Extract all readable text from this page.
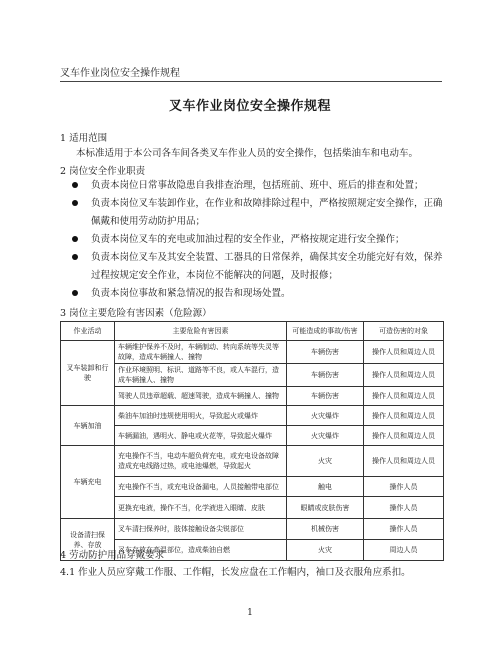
叉车作业岗位安全操作规程
叉车作业岗位安全操作规程
1 适用范围
本标准适用于本公司各车间各类叉车作业人员的安全操作，包括柴油车和电动车。
2 岗位安全作业职责
负责本岗位日常事故隐患自我排查治理，包括班前、班中、班后的排查和处置；
负责本岗位叉车装卸作业，在作业和故障排除过程中，严格按照规定安全操作，正确佩戴和使用劳动防护用品；
负责本岗位叉车的充电或加油过程的安全作业，严格按规定进行安全操作；
负责本岗位叉车及其安全装置、工器具的日常保养，确保其安全功能完好有效，保养过程按规定安全作业，本岗位不能解决的问题，及时报修；
负责本岗位事故和紧急情况的报告和现场处置。
3 岗位主要危险有害因素（危险源）
作业活动	主要危险有害因素	可能造成的事故/伤害	可造伤害的对象
叉车装卸和行驶	车辆维护保养不及时，车辆制动、转向系统等失灵等故障，造成车辆撞人、撞物	车辆伤害	操作人员和周边人员
	作业环境照明、标识、道路等不良，或人车混行，造成车辆撞人、撞物	车辆伤害	操作人员和周边人员
	驾驶人员违章超载、超速驾驶，造成车辆撞人、撞物	车辆伤害	操作人员和周边人员
车辆加油	柴油车加油时违规使用明火，导致起火或爆炸	火灾爆炸	操作人员和周边人员
	车辆漏油，遇明火、静电或火花等，导致起火爆炸	火灾爆炸	操作人员和周边人员
车辆充电	充电操作不当，电动车超负荷充电，或充电设备故障造成充电线路过热，或电池爆燃，导致起火	火灾	操作人员和周边人员
	充电操作不当，或充电设备漏电，人员接触带电部位	触电	操作人员
	更换充电液，操作不当，化学液进入眼睛、皮肤	眼睛或皮肤伤害	操作人员
设备清扫保养、存放	叉车清扫保养时，肢体接触设备尖锐部位	机械伤害	操作人员
	叉车存放在高温部位，造成柴油自燃	火灾	周边人员
4 劳动防护用品穿戴要求
4.1 作业人员应穿戴工作服、工作帽，长发应盘在工作帽内，袖口及衣服角应系扣。
1
